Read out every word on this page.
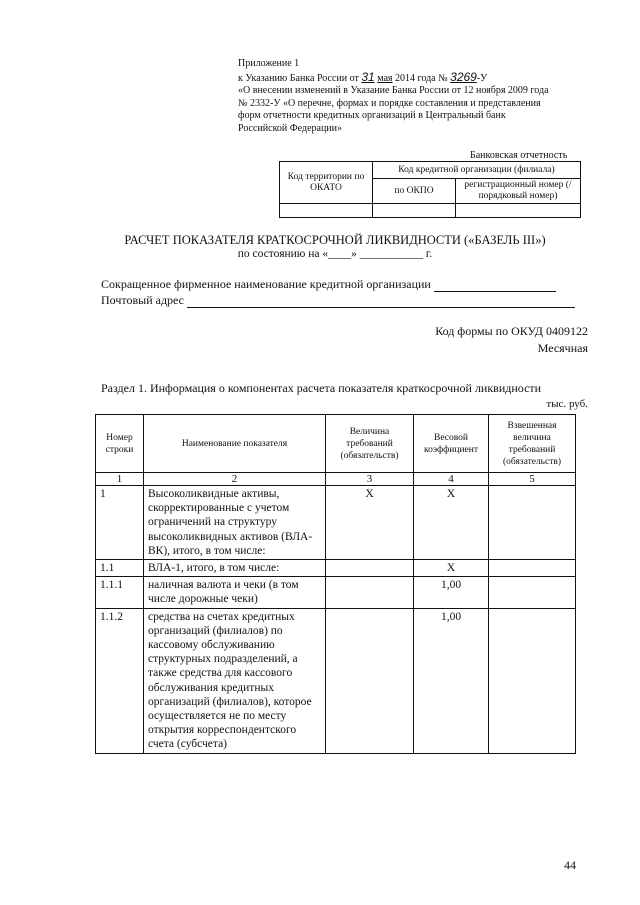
Приложение 1
к Указанию Банка России от 31 мая 2014 года № 3269-У
«О внесении изменений в Указание Банка России от 12 ноября 2009 года
№ 2332-У «О перечне, формах и порядке составления и представления
форм отчетности кредитных организаций в Центральный банк
Российской Федерации»
Банковская отчетность
Код территории по ОКАТО	Код кредитной организации (филиала)	
	по ОКПО	регистрационный номер (/порядковый номер)

РАСЧЕТ ПОКАЗАТЕЛЯ КРАТКОСРОЧНОЙ ЛИКВИДНОСТИ («БАЗЕЛЬ III»)
по состоянию на «____» ___________ г.
Сокращенное фирменное наименование кредитной организации
Почтовый адрес
Код формы по ОКУД 0409122
Месячная
Раздел 1. Информация о компонентах расчета показателя краткосрочной ликвидности
тыс. руб.
Номер строки	Наименование показателя	Величина требований (обязательств)	Весовой коэффициент	Взвешенная величина требований (обязательств)
1	2	3	4	5
1	Высоколиквидные активы, скорректированные с учетом ограничений на структуру высоколиквидных активов (ВЛА-ВК), итого, в том числе:	X	X	
1.1	ВЛА-1, итого, в том числе:		X	
1.1.1	наличная валюта и чеки (в том числе дорожные чеки)		1,00	
1.1.2	средства на счетах кредитных организаций (филиалов) по кассовому обслуживанию структурных подразделений, а также средства для кассового обслуживания кредитных организаций (филиалов), которое осуществляется не по месту открытия корреспондентского счета (субсчета)		1,00	
44
